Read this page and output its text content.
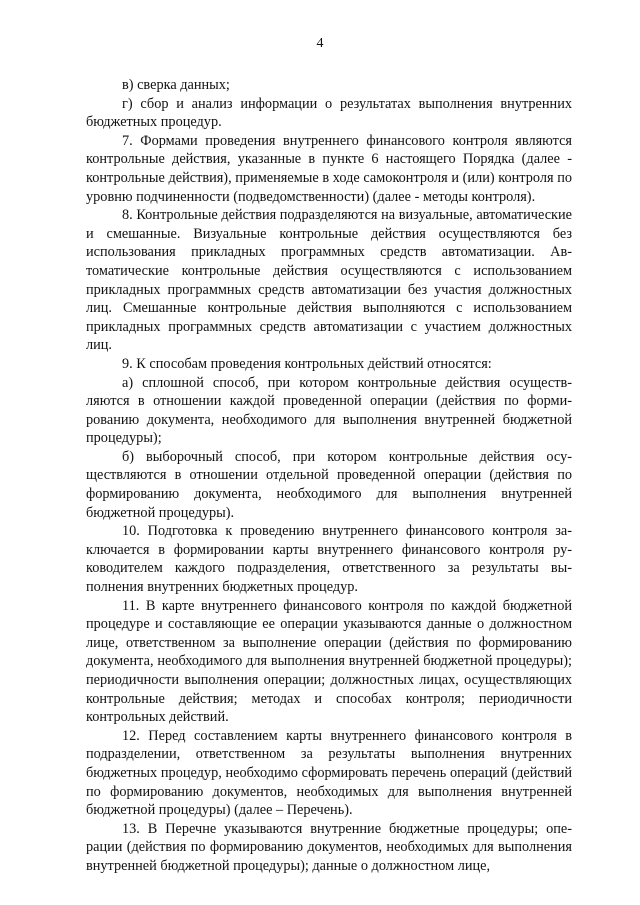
4

в) сверка данных;

г) сбор и анализ информации о результатах выполнения внутренних бюджетных процедур.

7. Формами проведения внутреннего финансового контроля являются контрольные действия, указанные в пункте 6 настоящего Порядка (далее - контрольные действия), применяемые в ходе самоконтроля и (или) контроля по уровню подчиненности (подведомственности) (далее - методы контроля).

8. Контрольные действия подразделяются на визуальные, автоматические и смешанные. Визуальные контрольные действия осуществляются без использования прикладных программных средств автоматизации. Автоматические контрольные действия осуществляются с использованием прикладных программных средств автоматизации без участия должностных лиц. Смешанные контрольные действия выполняются с использованием прикладных программных средств автоматизации с участием должностных лиц.

9. К способам проведения контрольных действий относятся:

а) сплошной способ, при котором контрольные действия осуществляются в отношении каждой проведенной операции (действия по формированию документа, необходимого для выполнения внутренней бюджетной процедуры);

б) выборочный способ, при котором контрольные действия осуществляются в отношении отдельной проведенной операции (действия по формированию документа, необходимого для выполнения внутренней бюджетной процедуры).

10. Подготовка к проведению внутреннего финансового контроля заключается в формировании карты внутреннего финансового контроля руководителем каждого подразделения, ответственного за результаты выполнения внутренних бюджетных процедур.

11. В карте внутреннего финансового контроля по каждой бюджетной процедуре и составляющие ее операции указываются данные о должностном лице, ответственном за выполнение операции (действия по формированию документа, необходимого для выполнения внутренней бюджетной процедуры); периодичности выполнения операции; должностных лицах, осуществляющих контрольные действия; методах и способах контроля; периодичности контрольных действий.

12. Перед составлением карты внутреннего финансового контроля в подразделении, ответственном за результаты выполнения внутренних бюджетных процедур, необходимо сформировать перечень операций (действий по формированию документов, необходимых для выполнения внутренней бюджетной процедуры) (далее – Перечень).

13. В Перечне указываются внутренние бюджетные процедуры; операции (действия по формированию документов, необходимых для выполнения внутренней бюджетной процедуры); данные о должностном лице,
